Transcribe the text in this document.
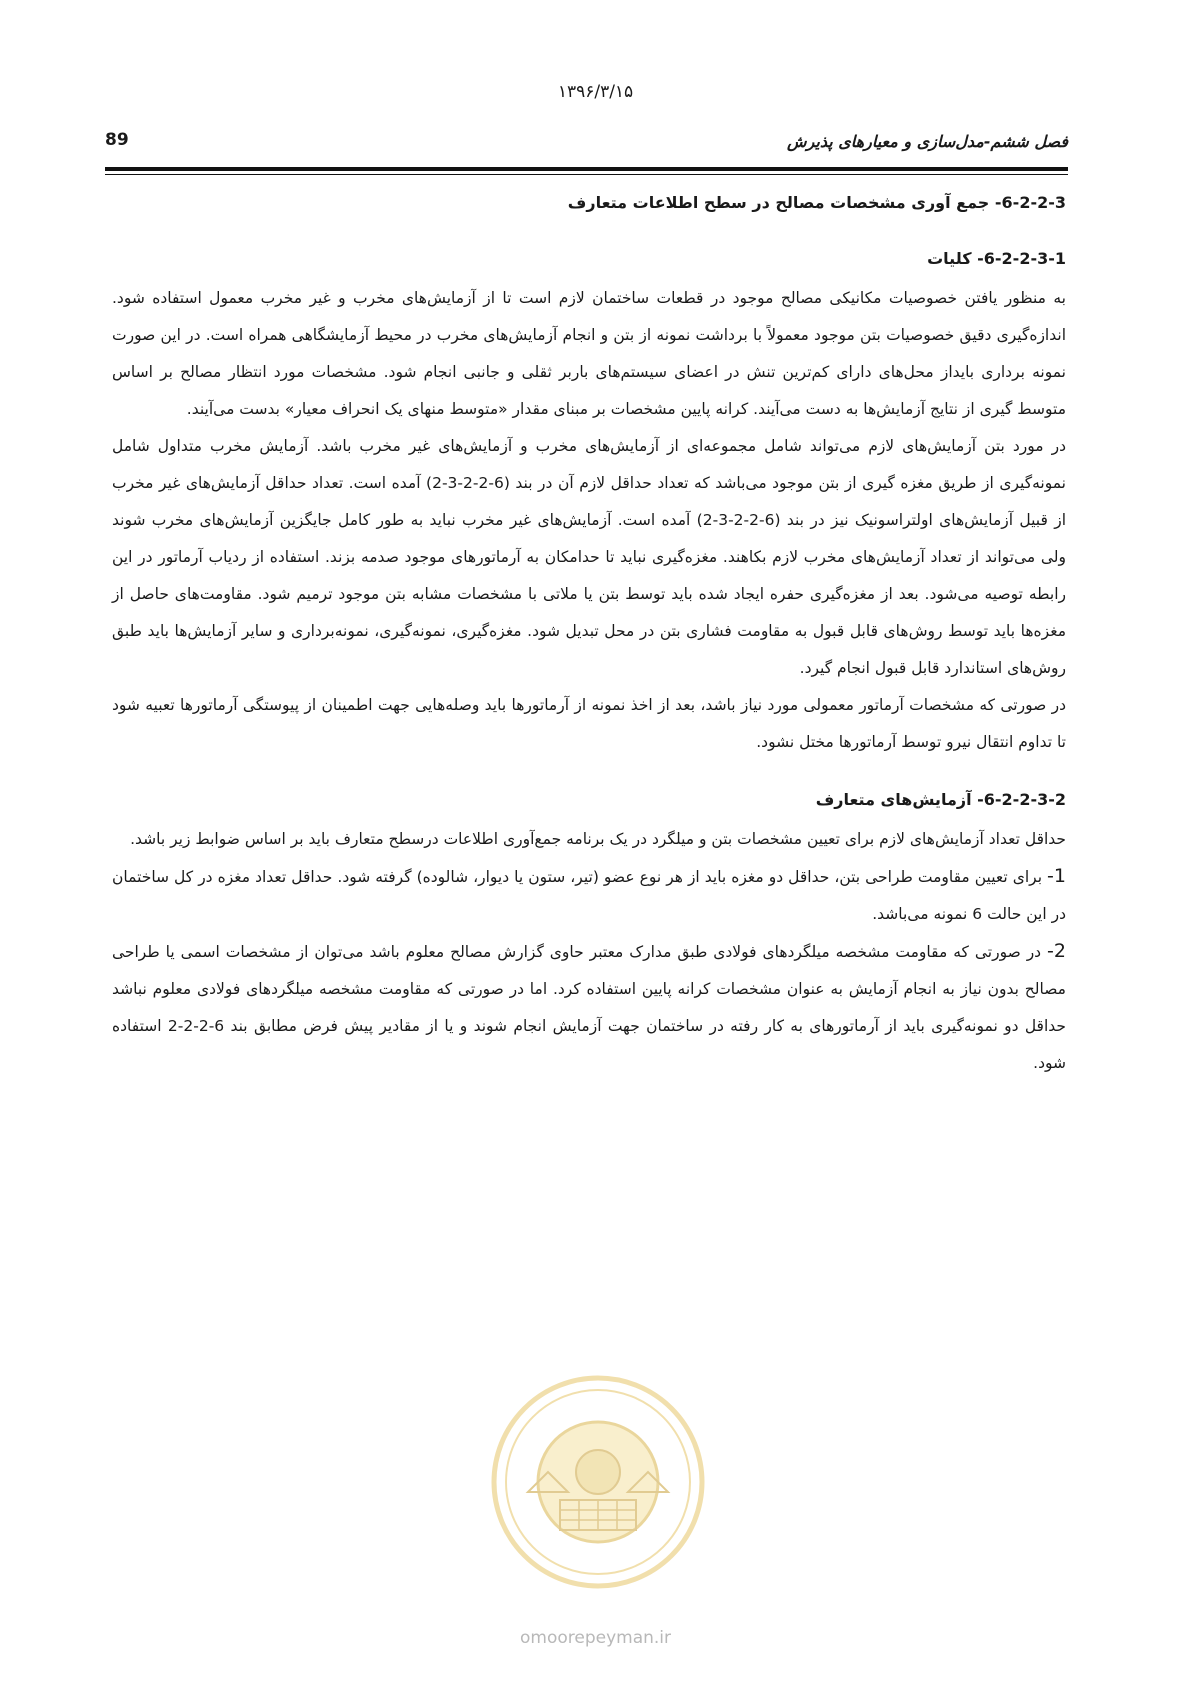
۱۳۹۶/۳/۱۵
فصل ششم-مدل‌سازی و معیارهای پذیرش
89
6-2-2-3- جمع آوری مشخصات مصالح در سطح اطلاعات متعارف
6-2-2-3-1- کلیات

به منظور یافتن خصوصیات مکانیکی مصالح موجود در قطعات ساختمان لازم است تا از آزمایش‌های مخرب و غیر مخرب معمول استفاده شود. اندازه‌گیری دقیق خصوصیات بتن موجود معمولاً با برداشت نمونه از بتن و انجام آزمایش‌های مخرب در محیط آزمایشگاهی همراه است. در این صورت نمونه برداری بایداز محل‌های دارای کم‌ترین تنش در اعضای سیستم‌های باربر ثقلی و جانبی انجام شود. مشخصات مورد انتظار مصالح بر اساس متوسط گیری از نتایج آزمایش‌ها به دست می‌آیند. کرانه پایین مشخصات بر مبنای مقدار «متوسط منهای یک انحراف معیار» بدست می‌آیند.

در مورد بتن آزمایش‌های لازم می‌تواند شامل مجموعه‌ای از آزمایش‌های مخرب و آزمایش‌های غیر مخرب باشد. آزمایش مخرب متداول شامل نمونه‌گیری از طریق مغزه گیری از بتن موجود می‌باشد که تعداد حداقل لازم آن در بند (6-2-2-3-2) آمده است. تعداد حداقل آزمایش‌های غیر مخرب از قبیل آزمایش‌های اولتراسونیک نیز در بند (6-2-2-3-2) آمده است. آزمایش‌های غیر مخرب نباید به طور کامل جایگزین آزمایش‌های مخرب شوند ولی می‌تواند از تعداد آزمایش‌های مخرب لازم بکاهند. مغزه‌گیری نباید تا حدامکان به آرماتورهای موجود صدمه بزند. استفاده از ردیاب آرماتور در این رابطه توصیه می‌شود. بعد از مغزه‌گیری حفره ایجاد شده باید توسط بتن یا ملاتی با مشخصات مشابه بتن موجود ترمیم شود. مقاومت‌های حاصل از مغزه‌ها باید توسط روش‌های قابل قبول به مقاومت فشاری بتن در محل تبدیل شود. مغزه‌گیری، نمونه‌گیری، نمونه‌برداری و سایر آزمایش‌ها باید طبق روش‌های استاندارد قابل قبول انجام گیرد.

در صورتی که مشخصات آرماتور معمولی مورد نیاز باشد، بعد از اخذ نمونه از آرماتورها باید وصله‌هایی جهت اطمینان از پیوستگی آرماتورها تعبیه شود تا تداوم انتقال نیرو توسط آرماتورها مختل نشود.

6-2-2-3-2- آزمایش‌های متعارف

حداقل تعداد آزمایش‌های لازم برای تعیین مشخصات بتن و میلگرد در یک برنامه جمع‌آوری اطلاعات درسطح متعارف باید بر اساس ضوابط زیر باشد.

1- برای تعیین مقاومت طراحی بتن، حداقل دو مغزه باید از هر نوع عضو (تیر، ستون یا دیوار، شالوده) گرفته شود. حداقل تعداد مغزه در کل ساختمان در این حالت 6 نمونه می‌باشد.

2- در صورتی که مقاومت مشخصه میلگردهای فولادی طبق مدارک معتبر حاوی گزارش مصالح معلوم باشد می‌توان از مشخصات اسمی یا طراحی مصالح بدون نیاز به انجام آزمایش به عنوان مشخصات کرانه پایین استفاده کرد. اما در صورتی که مقاومت مشخصه میلگردهای فولادی معلوم نباشد حداقل دو نمونه‌گیری باید از آرماتورهای به کار رفته در ساختمان جهت آزمایش انجام شوند و یا از مقادیر پیش فرض مطابق بند 6-2-2-2 استفاده شود.

omoorepeyman.ir
